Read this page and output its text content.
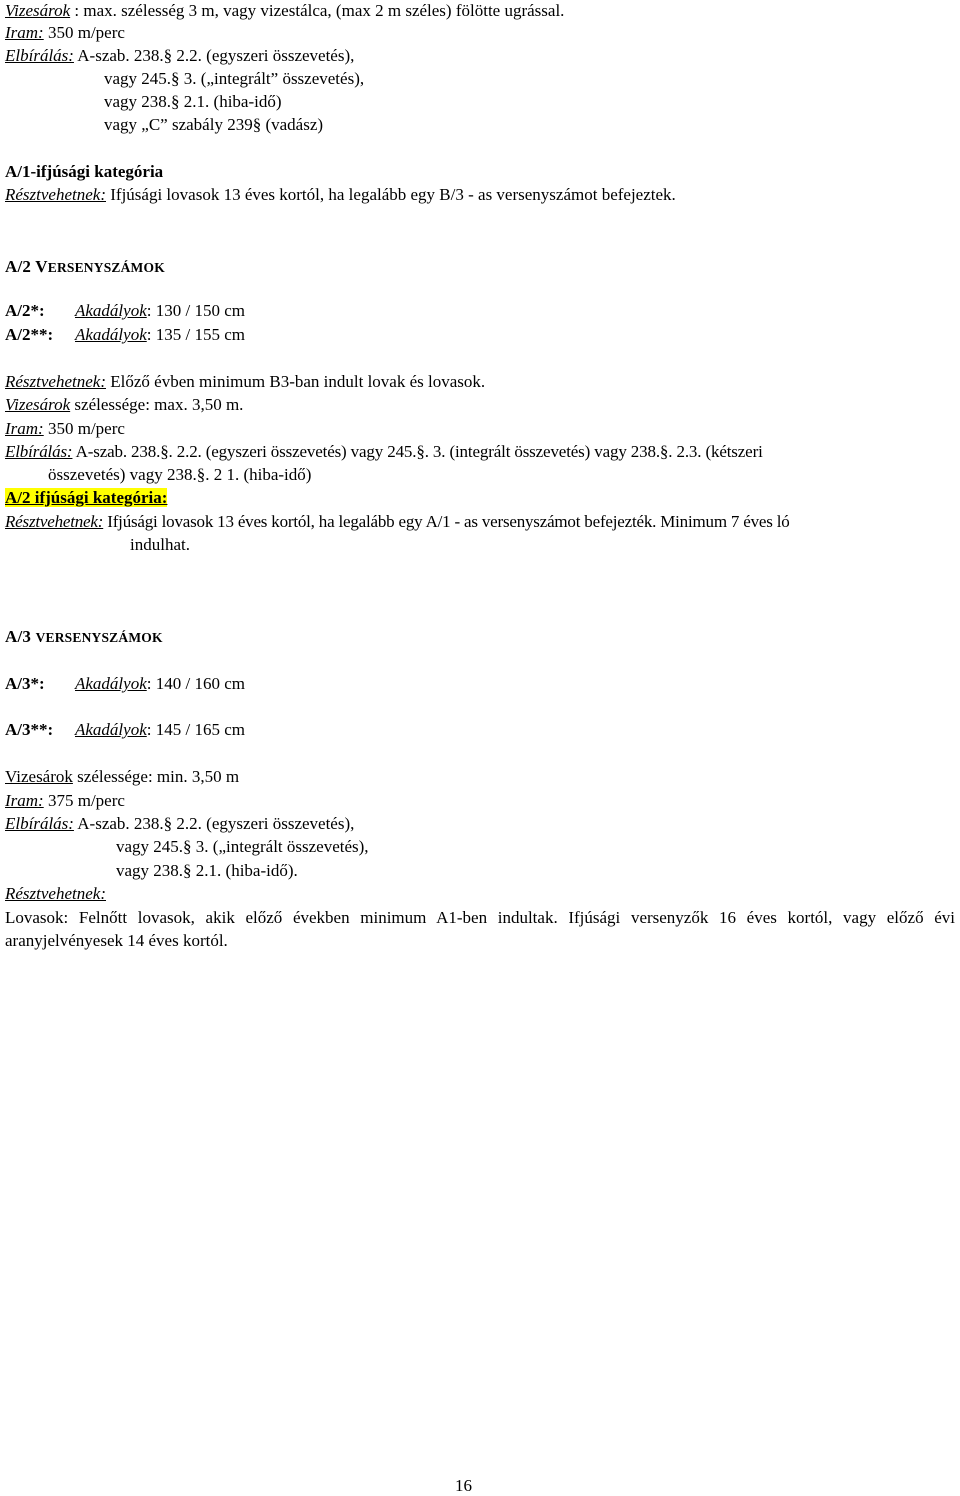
Vizesárok : max. szélesség 3 m, vagy vizestálca, (max 2 m széles) fölötte ugrással.
Iram: 350 m/perc
Elbírálás: A-szab. 238.§ 2.2. (egyszeri összevetés),
vagy 245.§ 3. („integrált” összevetés),
vagy 238.§ 2.1. (hiba-idő)
vagy „C” szabály 239§ (vadász)
A/1-ifjúsági kategória
Résztvehetnek: Ifjúsági lovasok 13 éves kortól, ha legalább egy B/3 - as versenyszámot befejeztek.
A/2 VERSENYSZÁMOK
A/2*: Akadályok: 130 / 150 cm
A/2**: Akadályok: 135 / 155 cm
Résztvehetnek: Előző évben minimum B3-ban indult lovak és lovasok.
Vizesárok szélessége: max. 3,50 m.
Iram: 350 m/perc
Elbírálás: A-szab. 238.§. 2.2. (egyszeri összevetés) vagy 245.§. 3. (integrált összevetés) vagy 238.§. 2.3. (kétszeri
összevetés) vagy 238.§. 2 1. (hiba-idő)
A/2 ifjúsági kategória:
Résztvehetnek: Ifjúsági lovasok 13 éves kortól, ha legalább egy A/1 - as versenyszámot befejezték. Minimum 7 éves ló
indulhat.
A/3 VERSENYSZÁMOK
A/3*: Akadályok: 140 / 160 cm
A/3**: Akadályok: 145 / 165 cm
Vizesárok szélessége: min. 3,50 m
Iram: 375 m/perc
Elbírálás: A-szab. 238.§ 2.2. (egyszeri összevetés),
vagy 245.§ 3. („integrált összevetés),
vagy 238.§ 2.1. (hiba-idő).
Résztvehetnek:
Lovasok: Felnőtt lovasok, akik előző években minimum A1-ben indultak. Ifjúsági versenyzők 16 éves kortól, vagy előző évi aranyjelvényesek 14 éves kortól.
16
